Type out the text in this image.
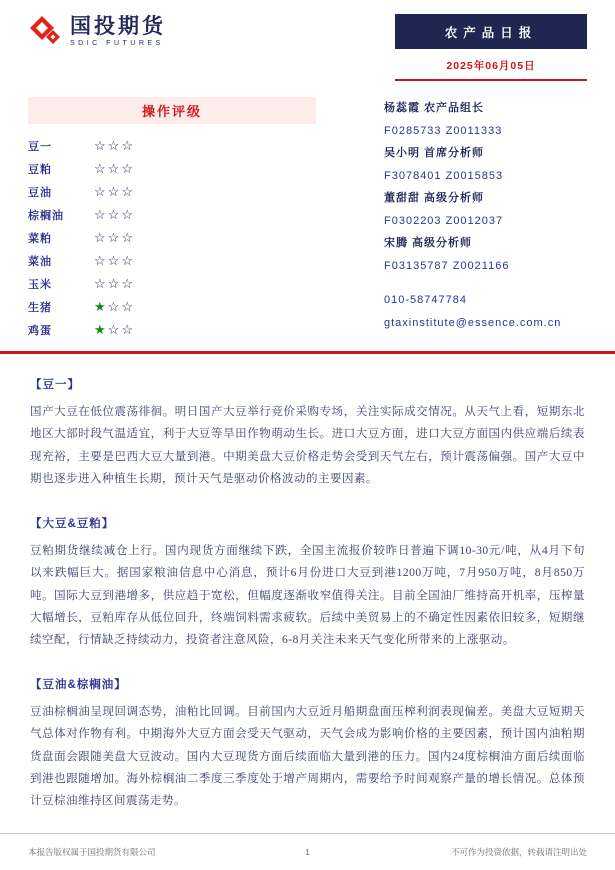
国投期货
SDIC FUTURES
农产品日报
2025年06月05日
操作评级
豆一	☆☆☆
豆粕	☆☆☆
豆油	☆☆☆
棕榈油	☆☆☆
菜粕	☆☆☆
菜油	☆☆☆
玉米	☆☆☆
生猪	★☆☆
鸡蛋	★☆☆
杨蕊霞 农产品组长
F0285733 Z0011333
吴小明 首席分析师
F3078401 Z0015853
董甜甜 高级分析师
F0302203 Z0012037
宋腾 高级分析师
F03135787 Z0021166
010-58747784
gtaxinstitute@essence.com.cn
【豆一】
国产大豆在低位震荡徘徊。明日国产大豆举行竞价采购专场，关注实际成交情况。从天气上看，短期东北地区大部时段气温适宜，利于大豆等旱田作物萌动生长。进口大豆方面，进口大豆方面国内供应端后续表现充裕，主要是巴西大豆大量到港。中期美盘大豆价格走势会受到天气左右，预计震荡偏强。国产大豆中期也逐步进入种植生长期，预计天气是驱动价格波动的主要因素。
【大豆&豆粕】
豆粕期货继续减仓上行。国内现货方面继续下跌，全国主流报价较昨日普遍下调10-30元/吨，从4月下旬以来跌幅巨大。据国家粮油信息中心消息，预计6月份进口大豆到港1200万吨，7月950万吨，8月850万吨。国际大豆到港增多，供应趋于宽松，但幅度逐渐收窄值得关注。目前全国油厂维持高开机率，压榨量大幅增长，豆粕库存从低位回升，终端饲料需求疲软。后续中美贸易上的不确定性因素依旧较多，短期继续空配，行情缺乏持续动力，投资者注意风险，6-8月关注未来天气变化所带来的上涨驱动。
【豆油&棕榈油】
豆油棕榈油呈现回调态势，油粕比回调。目前国内大豆近月船期盘面压榨利润表现偏差。美盘大豆短期天气总体对作物有利。中期海外大豆方面会受天气驱动，天气会成为影响价格的主要因素，预计国内油粕期货盘面会跟随美盘大豆波动。国内大豆现货方面后续面临大量到港的压力。国内24度棕榈油方面后续面临到港也跟随增加。海外棕榈油二季度三季度处于增产周期内，需要给予时间观察产量的增长情况。总体预计豆棕油维持区间震荡走势。
本报告版权属于国投期货有限公司	1	不可作为投资依据，转载请注明出处
